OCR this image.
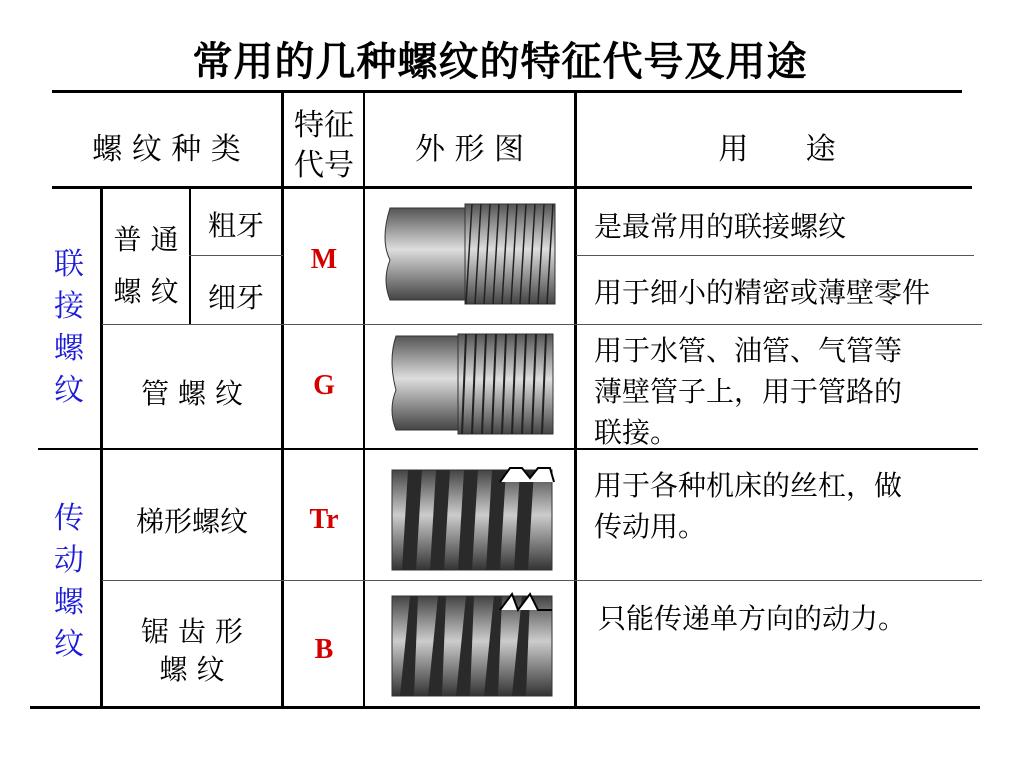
常用的几种螺纹的特征代号及用途
螺 纹 种 类
特征
代号	外 形 图	用      途
联
接
螺
纹
传
动
螺
纹
普 通
螺 纹
粗牙
细牙
管 螺 纹
梯形螺纹
锯 齿 形
螺 纹
M
G
Tr
B
是最常用的联接螺纹
用于细小的精密或薄壁零件
用于水管、油管、气管等
薄壁管子上，用于管路的
联接。
用于各种机床的丝杠，做
传动用。
只能传递单方向的动力。
